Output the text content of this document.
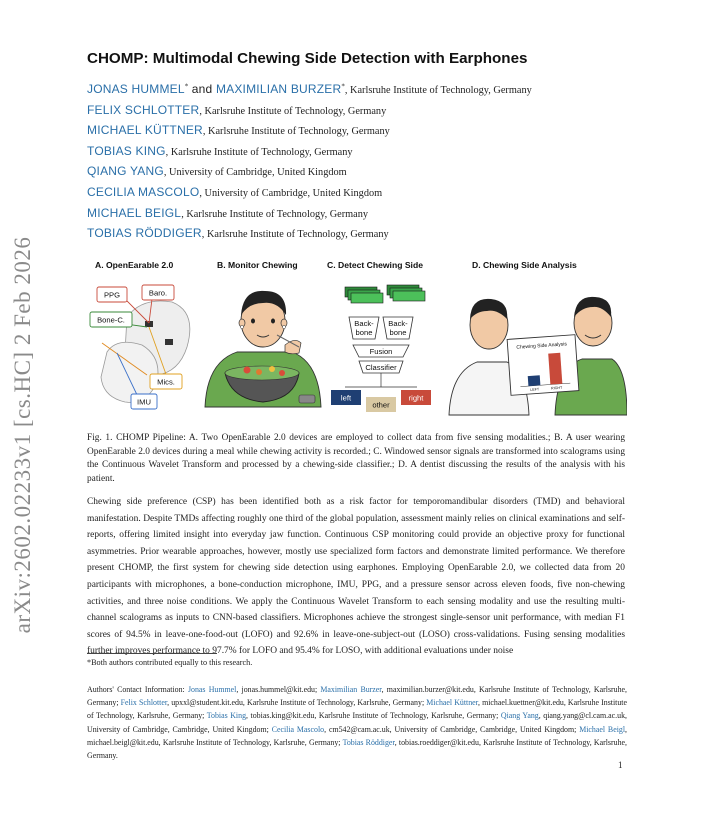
arXiv:2602.02233v1 [cs.HC] 2 Feb 2026
CHOMP: Multimodal Chewing Side Detection with Earphones
JONAS HUMMEL* and MAXIMILIAN BURZER*, Karlsruhe Institute of Technology, Germany
FELIX SCHLOTTER, Karlsruhe Institute of Technology, Germany
MICHAEL KÜTTNER, Karlsruhe Institute of Technology, Germany
TOBIAS KING, Karlsruhe Institute of Technology, Germany
QIANG YANG, University of Cambridge, United Kingdom
CECILIA MASCOLO, University of Cambridge, United Kingdom
MICHAEL BEIGL, Karlsruhe Institute of Technology, Germany
TOBIAS RÖDDIGER, Karlsruhe Institute of Technology, Germany
A. OpenEarable 2.0	B. Monitor Chewing	C. Detect Chewing Side	D. Chewing Side Analysis
PPG	Baro.
Bone-C.
Mics.
IMU
Back-
bone
Back-
bone
Fusion
Classifier
left
other
right
Chewing Side Analysis
LEFT	RIGHT
Fig. 1. CHOMP Pipeline: A. Two OpenEarable 2.0 devices are employed to collect data from five sensing modalities.; B. A user wearing OpenEarable 2.0 devices during a meal while chewing activity is recorded.; C. Windowed sensor signals are transformed into scalograms using the Continuous Wavelet Transform and processed by a chewing-side classifier.; D. A dentist discussing the results of the analysis with his patient.
Chewing side preference (CSP) has been identified both as a risk factor for temporomandibular disorders (TMD) and behavioral manifestation. Despite TMDs affecting roughly one third of the global population, assessment mainly relies on clinical examinations and self-reports, offering limited insight into everyday jaw function. Continuous CSP monitoring could provide an objective proxy for functional asymmetries. Prior wearable approaches, however, mostly use specialized form factors and demonstrate limited performance. We therefore present CHOMP, the first system for chewing side detection using earphones. Employing OpenEarable 2.0, we collected data from 20 participants with microphones, a bone-conduction microphone, IMU, PPG, and a pressure sensor across eleven foods, five non-chewing activities, and three noise conditions. We apply the Continuous Wavelet Transform to each sensing modality and use the resulting multi-channel scalograms as inputs to CNN-based classifiers. Microphones achieve the strongest single-sensor unit performance, with median F1 scores of 94.5% in leave-one-food-out (LOFO) and 92.6% in leave-one-subject-out (LOSO) cross-validations. Fusing sensing modalities further improves performance to 97.7% for LOFO and 95.4% for LOSO, with additional evaluations under noise
*Both authors contributed equally to this research.
Authors' Contact Information: Jonas Hummel, jonas.hummel@kit.edu; Maximilian Burzer, maximilian.burzer@kit.edu, Karlsruhe Institute of Technology, Karlsruhe, Germany; Felix Schlotter, upxxl@student.kit.edu, Karlsruhe Institute of Technology, Karlsruhe, Germany; Michael Küttner, michael.kuettner@kit.edu, Karlsruhe Institute of Technology, Karlsruhe, Germany; Tobias King, tobias.king@kit.edu, Karlsruhe Institute of Technology, Karlsruhe, Germany; Qiang Yang, qiang.yang@cl.cam.ac.uk, University of Cambridge, Cambridge, United Kingdom; Cecilia Mascolo, cm542@cam.ac.uk, University of Cambridge, Cambridge, United Kingdom; Michael Beigl, michael.beigl@kit.edu, Karlsruhe Institute of Technology, Karlsruhe, Germany; Tobias Röddiger, tobias.roeddiger@kit.edu, Karlsruhe Institute of Technology, Karlsruhe, Germany.
1
